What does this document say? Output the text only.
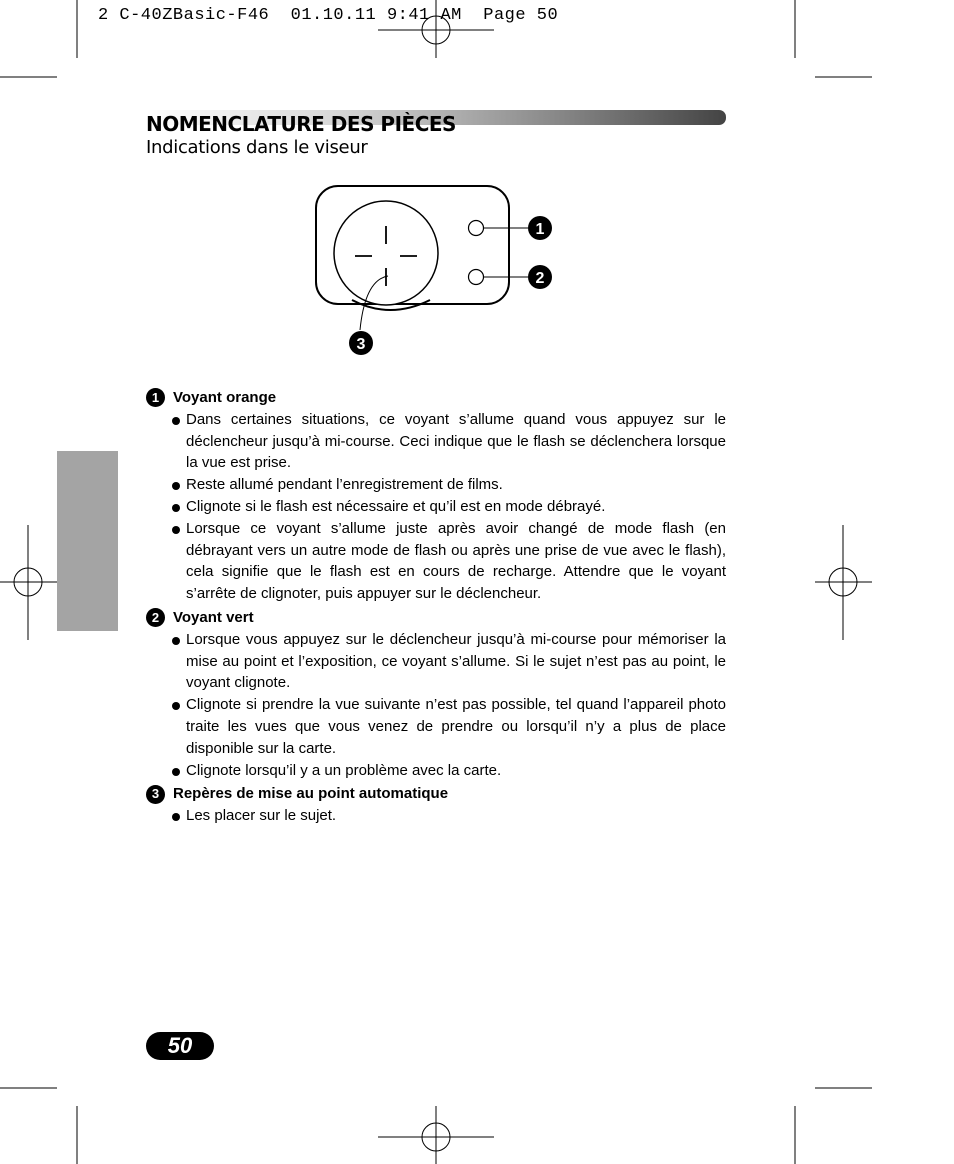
2 C-40ZBasic-F46  01.10.11 9:41 AM  Page 50
NOMENCLATURE DES PIÈCES
Indications dans le viseur
1
2
3
1 Voyant orange
Dans certaines situations, ce voyant s’allume quand vous appuyez sur le déclencheur jusqu’à mi-course. Ceci indique que le flash se déclenchera lorsque la vue est prise.
Reste allumé pendant l’enregistrement de films.
Clignote si le flash est nécessaire et qu’il est en mode débrayé.
Lorsque ce voyant s’allume juste après avoir changé de mode flash (en débrayant vers un autre mode de flash ou après une prise de vue avec le flash), cela signifie que le flash est en cours de recharge. Attendre que le voyant s’arrête de clignoter, puis appuyer sur le déclencheur.
2 Voyant vert
Lorsque vous appuyez sur le déclencheur jusqu’à mi-course pour mémoriser la mise au point et l’exposition, ce voyant s’allume. Si le sujet n’est pas au point, le voyant clignote.
Clignote si prendre la vue suivante n’est pas possible, tel quand l’appareil photo traite les vues que vous venez de prendre ou lorsqu’il n’y a plus de place disponible sur la carte.
Clignote lorsqu’il y a un problème avec la carte.
3 Repères de mise au point automatique
Les placer sur le sujet.
50
